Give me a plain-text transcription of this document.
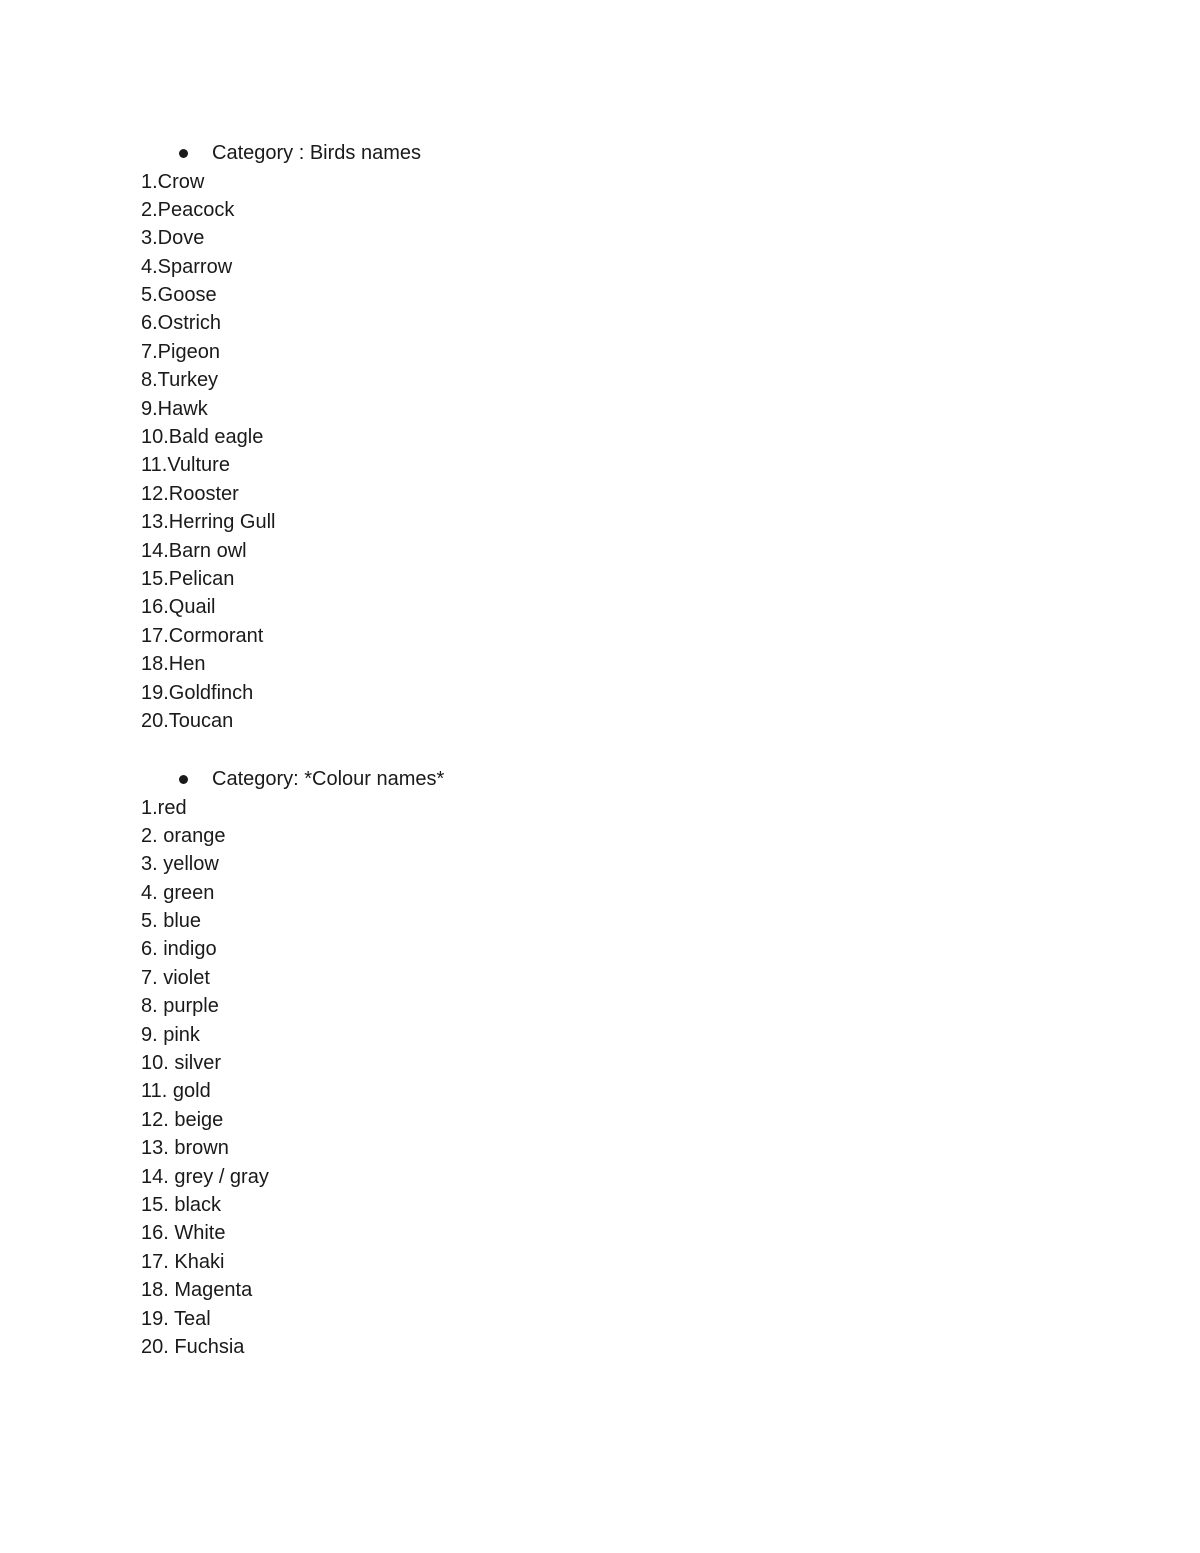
Category : Birds names
1.Crow
2.Peacock
3.Dove
4.Sparrow
5.Goose
6.Ostrich
7.Pigeon
8.Turkey
9.Hawk
10.Bald eagle
11.Vulture
12.Rooster
13.Herring Gull
14.Barn owl
15.Pelican
16.Quail
17.Cormorant
18.Hen
19.Goldfinch
20.Toucan
Category: *Colour names*
1.red
2. orange
3. yellow
4. green
5. blue
6. indigo
7. violet
8. purple
9. pink
10. silver
11. gold
12. beige
13. brown
14. grey / gray
15. black
16. White
17. Khaki
18. Magenta
19. Teal
20. Fuchsia
